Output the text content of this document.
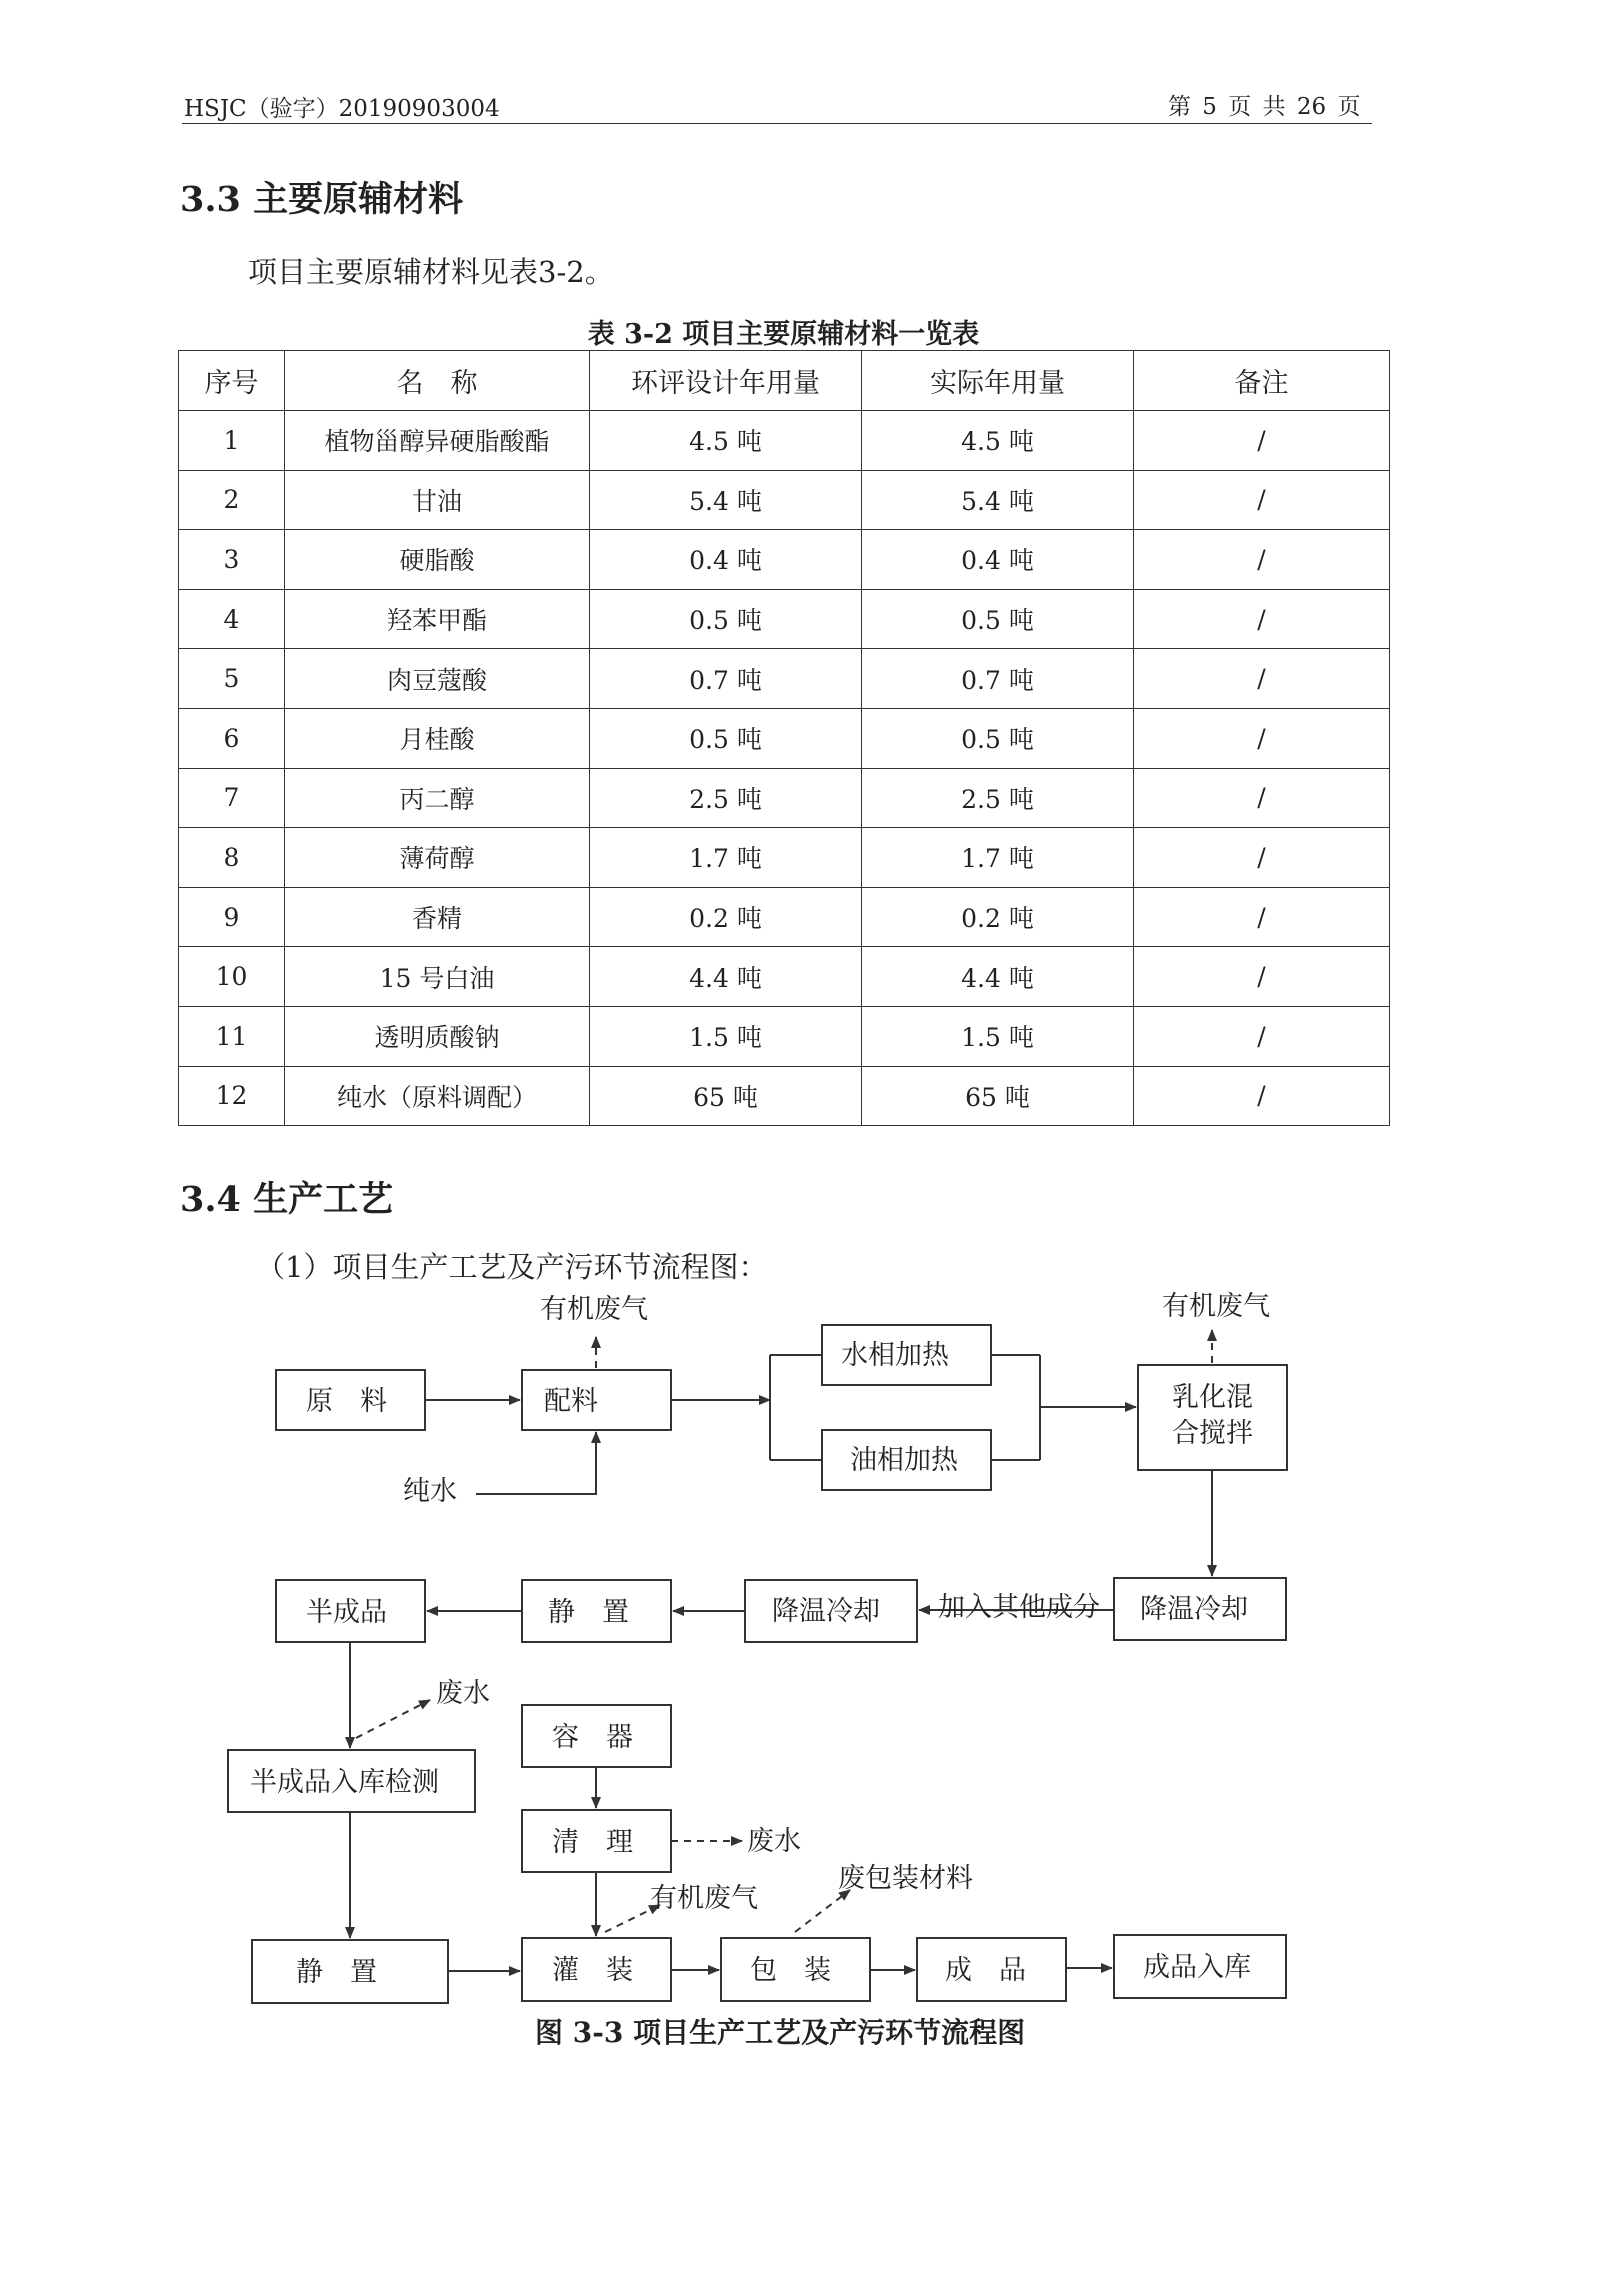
HSJC（验字）20190903004	第 5 页 共 26 页
3.3 主要原辅材料
项目主要原辅材料见表3-2。
表 3-2 项目主要原辅材料一览表
序号	名　称	环评设计年用量	实际年用量	备注
1	植物甾醇异硬脂酸酯	4.5 吨	4.5 吨	/
2	甘油	5.4 吨	5.4 吨	/
3	硬脂酸	0.4 吨	0.4 吨	/
4	羟苯甲酯	0.5 吨	0.5 吨	/
5	肉豆蔻酸	0.7 吨	0.7 吨	/
6	月桂酸	0.5 吨	0.5 吨	/
7	丙二醇	2.5 吨	2.5 吨	/
8	薄荷醇	1.7 吨	1.7 吨	/
9	香精	0.2 吨	0.2 吨	/
10	15 号白油	4.4 吨	4.4 吨	/
11	透明质酸钠	1.5 吨	1.5 吨	/
12	纯水（原料调配）	65 吨	65 吨	/
3.4 生产工艺
（1）项目生产工艺及产污环节流程图：
原　料	配料
纯水
有机废气
水相加热
油相加热
有机废气
乳化混
合搅拌
降温冷却
加入其他成分
降温冷却
静　置
半成品
废水
半成品入库检测
容　器
清　理	废水
有机废气
废包装材料
静　置	灌　装	包　装	成　品	成品入库
图 3-3 项目生产工艺及产污环节流程图
